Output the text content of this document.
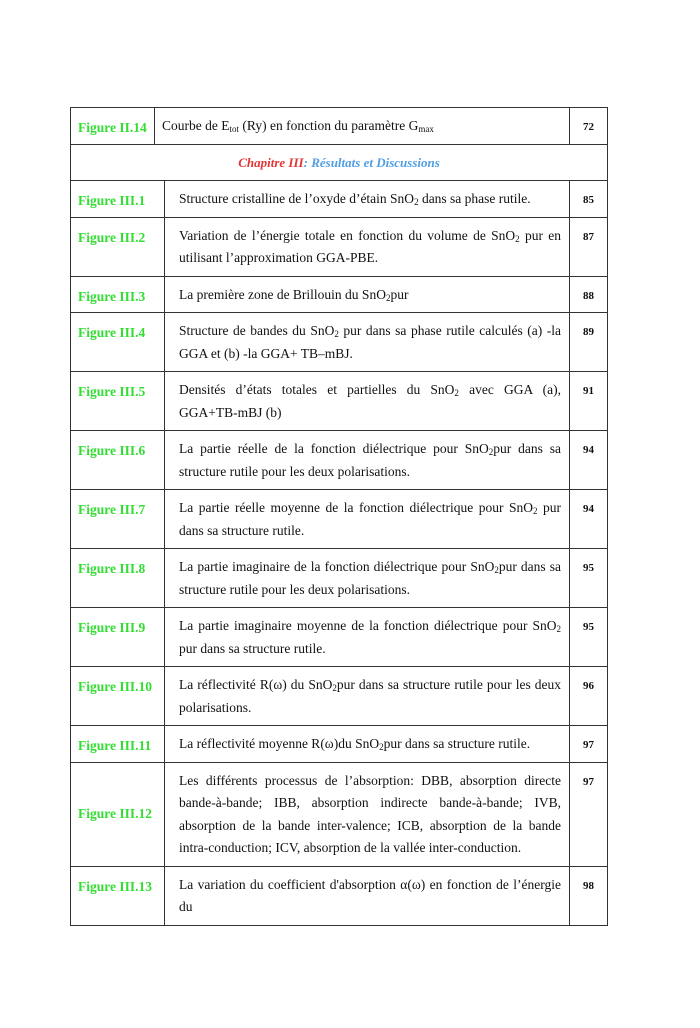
Figure II.14	Courbe de $E_{tot}$ (Ry) en fonction du paramètre $G_{max}$		72
Chapitre III: Résultats et Discussions			
Figure III.1		Structure cristalline de l’oxyde d’étain SnO$_2$ dans sa phase rutile.	85
Figure III.2		Variation de l’énergie totale en fonction du volume de SnO$_2$ pur en utilisant l’approximation GGA-PBE.	87
Figure III.3		La première zone de Brillouin du SnO$_2$pur	88
Figure III.4		Structure de bandes du SnO$_2$ pur dans sa phase rutile calculés (a) -la GGA et (b) -la GGA+ TB–mBJ.	89
Figure III.5		Densités d’états totales et partielles du SnO$_2$ avec GGA (a), GGA+TB-mBJ (b)	91
Figure III.6		La partie réelle de la fonction diélectrique pour SnO$_2$pur dans sa structure rutile pour les deux polarisations.	94
Figure III.7		La partie réelle moyenne de la fonction diélectrique pour SnO$_2$ pur dans sa structure rutile.	94
Figure III.8		La partie imaginaire de la fonction diélectrique pour SnO$_2$pur dans sa structure rutile pour les deux polarisations.	95
Figure III.9		La partie imaginaire moyenne de la fonction diélectrique pour SnO$_2$ pur dans sa structure rutile.	95
Figure III.10		La réflectivité R(ω) du SnO$_2$pur dans sa structure rutile pour les deux polarisations.	96
Figure III.11		La réflectivité moyenne R(ω)du SnO$_2$pur dans sa structure rutile.	97
Figure III.12		Les différents processus de l’absorption: DBB, absorption directe bande-à-bande; IBB, absorption indirecte bande-à-bande; IVB, absorption de la bande inter-valence; ICB, absorption de la bande intra-conduction; ICV, absorption de la vallée inter-conduction.	97
Figure III.13		La variation du coefficient d'absorption α(ω) en fonction de l’énergie du	98
